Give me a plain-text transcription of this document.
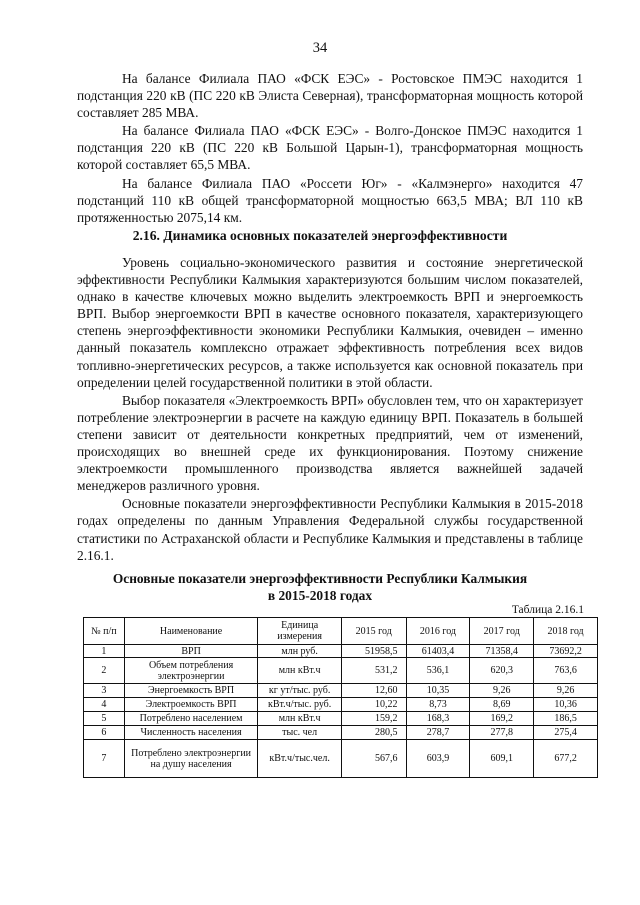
34

На балансе Филиала ПАО «ФСК ЕЭС» - Ростовское ПМЭС находится 1 подстанция 220 кВ (ПС 220 кВ Элиста Северная), трансформаторная мощность которой составляет 285 МВА.

На балансе Филиала ПАО «ФСК ЕЭС» - Волго-Донское ПМЭС находится 1 подстанция 220 кВ (ПС 220 кВ Большой Царын-1), трансформаторная мощность которой составляет 65,5 МВА.

На балансе Филиала ПАО «Россети Юг» - «Калмэнерго» находится 47 подстанций 110 кВ общей трансформаторной мощностью 663,5 МВА; ВЛ 110 кВ протяженностью 2075,14 км.

2.16. Динамика основных показателей энергоэффективности

Уровень социально-экономического развития и состояние энергетической эффективности Республики Калмыкия характеризуются большим числом показателей, однако в качестве ключевых можно выделить электроемкость ВРП и энергоемкость ВРП. Выбор энергоемкости ВРП в качестве основного показателя, характеризующего степень энергоэффективности экономики Республики Калмыкия, очевиден – именно данный показатель комплексно отражает эффективность потребления всех видов топливно-энергетических ресурсов, а также используется как основной показатель при определении целей государственной политики в этой области.

Выбор показателя «Электроемкость ВРП» обусловлен тем, что он характеризует потребление электроэнергии в расчете на каждую единицу ВРП. Показатель в большей степени зависит от деятельности конкретных предприятий, чем от изменений, происходящих во внешней среде их функционирования. Поэтому снижение электроемкости промышленного производства является важнейшей задачей менеджеров различного уровня.

Основные показатели энергоэффективности Республики Калмыкия в 2015-2018 годах определены по данным Управления Федеральной службы государственной статистики по Астраханской области и Республике Калмыкия и представлены в таблице 2.16.1.

Основные показатели энергоэффективности Республики Калмыкия
в 2015-2018 годах
Таблица 2.16.1
№ п/п	Наименование	Единица измерения	2015 год	2016 год	2017 год	2018 год
1	ВРП	млн руб.	51958,5	61403,4	71358,4	73692,2
2	Объем потребления электроэнергии	млн кВт.ч	531,2	536,1	620,3	763,6
3	Энергоемкость ВРП	кг ут/тыс. руб.	12,60	10,35	9,26	9,26
4	Электроемкость ВРП	кВт.ч/тыс. руб.	10,22	8,73	8,69	10,36
5	Потреблено населением	млн кВт.ч	159,2	168,3	169,2	186,5
6	Численность населения	тыс. чел	280,5	278,7	277,8	275,4
7	Потреблено электроэнергии на душу населения	кВт.ч/тыс.чел.	567,6	603,9	609,1	677,2
